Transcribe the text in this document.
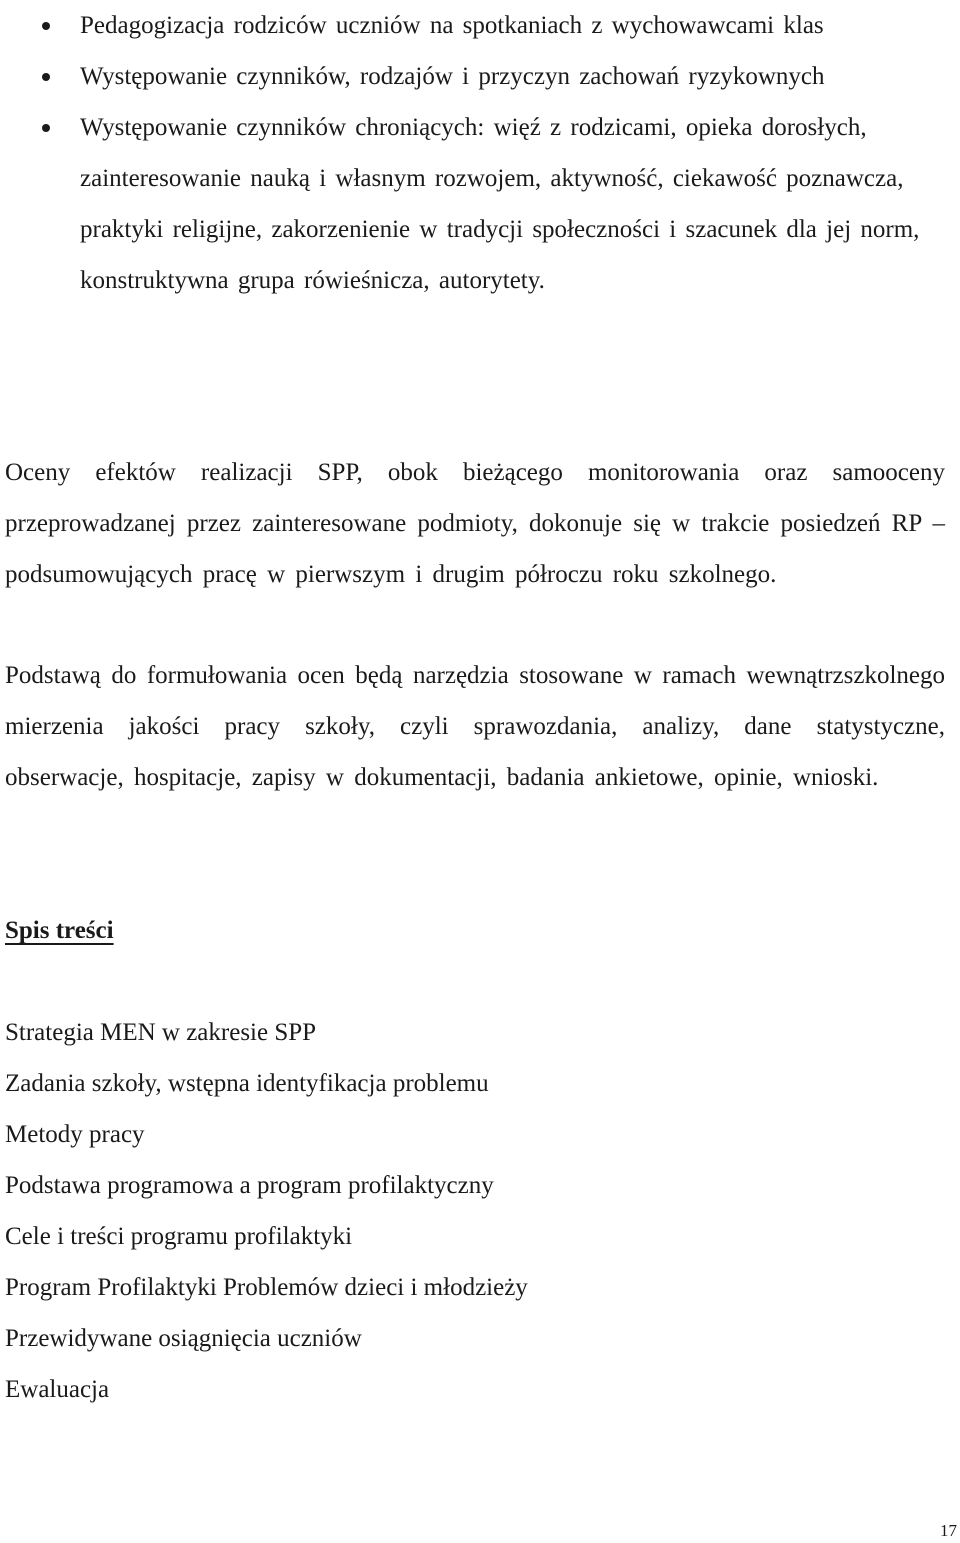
Pedagogizacja rodziców uczniów na spotkaniach z wychowawcami klas
Występowanie czynników, rodzajów i przyczyn zachowań ryzykownych
Występowanie czynników chroniących: więź z rodzicami, opieka dorosłych, zainteresowanie nauką i własnym rozwojem, aktywność, ciekawość poznawcza, praktyki religijne, zakorzenienie w tradycji społeczności i szacunek dla jej norm, konstruktywna grupa rówieśnicza, autorytety.

Oceny efektów realizacji SPP, obok bieżącego monitorowania oraz samooceny przeprowadzanej przez zainteresowane podmioty, dokonuje się w trakcie posiedzeń RP – podsumowujących pracę w pierwszym i drugim półroczu roku szkolnego.

Podstawą do formułowania ocen będą narzędzia stosowane w ramach wewnątrzszkolnego mierzenia jakości pracy szkoły, czyli sprawozdania, analizy, dane statystyczne, obserwacje, hospitacje, zapisy w dokumentacji, badania ankietowe, opinie, wnioski.

Spis treści
Strategia MEN w zakresie SPP
Zadania szkoły, wstępna identyfikacja problemu
Metody pracy
Podstawa programowa a program profilaktyczny
Cele i treści programu profilaktyki
Program Profilaktyki Problemów dzieci i młodzieży
Przewidywane osiągnięcia uczniów
Ewaluacja
17
